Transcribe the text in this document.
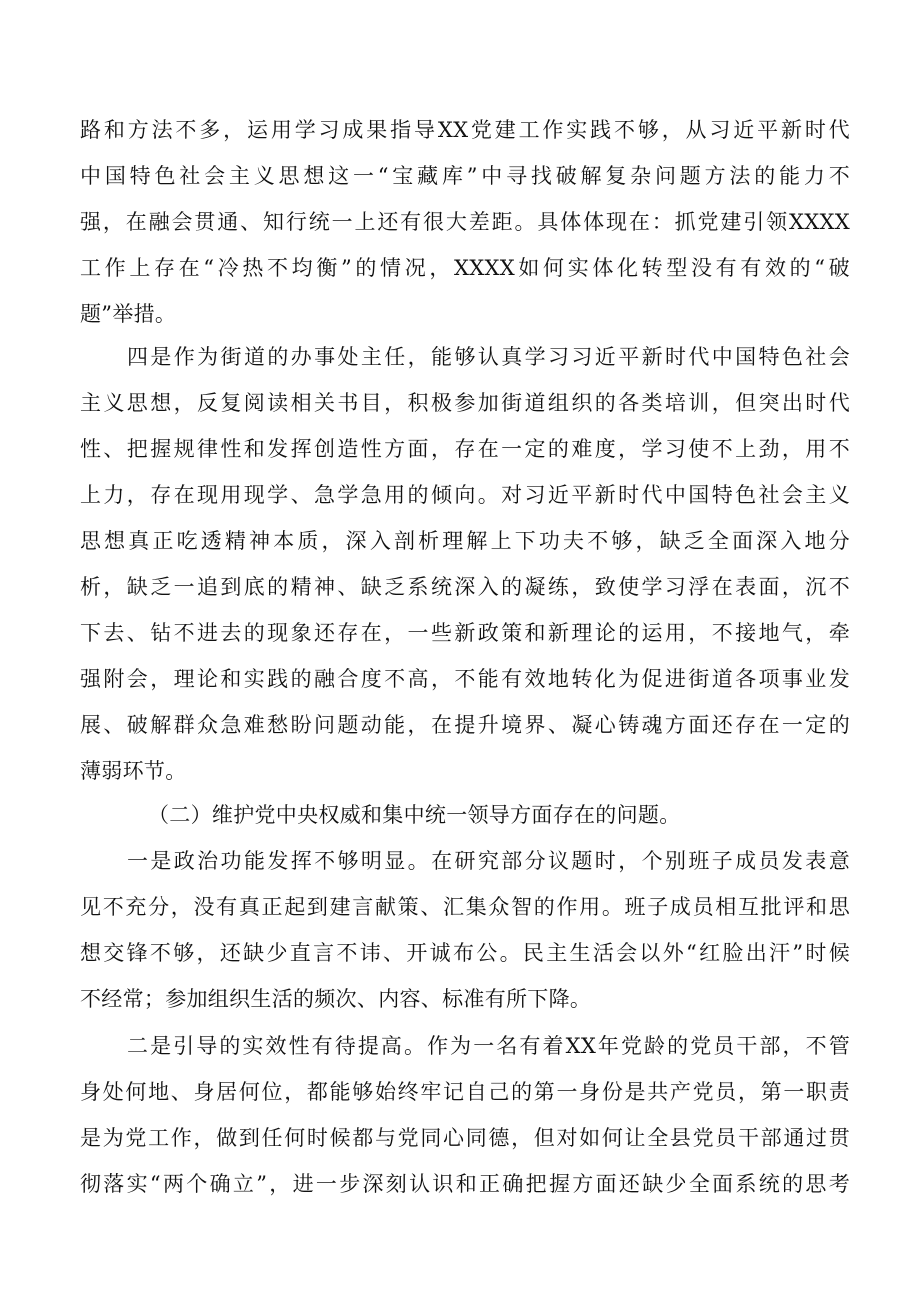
路和方法不多，运用学习成果指导XX党建工作实践不够，从习近平新时代
中国特色社会主义思想这一“宝藏库”中寻找破解复杂问题方法的能力不
强，在融会贯通、知行统一上还有很大差距。具体体现在：抓党建引领XXXX
工作上存在“冷热不均衡”的情况，XXXX如何实体化转型没有有效的“破
题”举措。
四是作为街道的办事处主任，能够认真学习习近平新时代中国特色社会
主义思想，反复阅读相关书目，积极参加街道组织的各类培训，但突出时代
性、把握规律性和发挥创造性方面，存在一定的难度，学习使不上劲，用不
上力，存在现用现学、急学急用的倾向。对习近平新时代中国特色社会主义
思想真正吃透精神本质，深入剖析理解上下功夫不够，缺乏全面深入地分
析，缺乏一追到底的精神、缺乏系统深入的凝练，致使学习浮在表面，沉不
下去、钻不进去的现象还存在，一些新政策和新理论的运用，不接地气，牵
强附会，理论和实践的融合度不高，不能有效地转化为促进街道各项事业发
展、破解群众急难愁盼问题动能，在提升境界、凝心铸魂方面还存在一定的
薄弱环节。
（二）维护党中央权威和集中统一领导方面存在的问题。
一是政治功能发挥不够明显。在研究部分议题时，个别班子成员发表意
见不充分，没有真正起到建言献策、汇集众智的作用。班子成员相互批评和思
想交锋不够，还缺少直言不讳、开诚布公。民主生活会以外“红脸出汗”时候
不经常；参加组织生活的频次、内容、标准有所下降。
二是引导的实效性有待提高。作为一名有着XX年党龄的党员干部，不管
身处何地、身居何位，都能够始终牢记自己的第一身份是共产党员，第一职责
是为党工作，做到任何时候都与党同心同德，但对如何让全县党员干部通过贯
彻落实“两个确立”，进一步深刻认识和正确把握方面还缺少全面系统的思考
